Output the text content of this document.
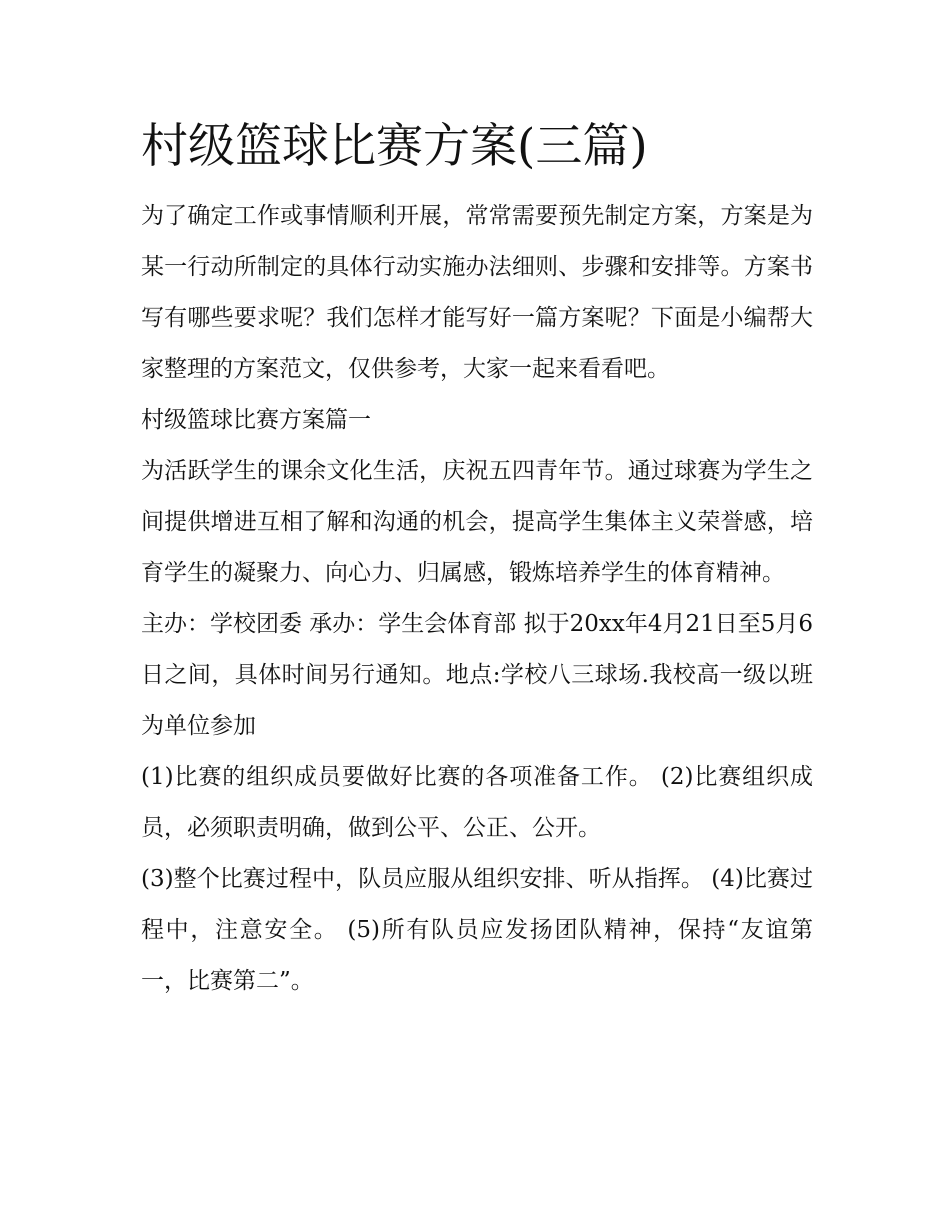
村级篮球比赛方案(三篇)

为了确定工作或事情顺利开展，常常需要预先制定方案，方案是为某一行动所制定的具体行动实施办法细则、步骤和安排等。方案书写有哪些要求呢？我们怎样才能写好一篇方案呢？下面是小编帮大家整理的方案范文，仅供参考，大家一起来看看吧。

村级篮球比赛方案篇一

为活跃学生的课余文化生活，庆祝五四青年节。通过球赛为学生之间提供增进互相了解和沟通的机会，提高学生集体主义荣誉感，培育学生的凝聚力、向心力、归属感，锻炼培养学生的体育精神。

主办：学校团委 承办：学生会体育部 拟于20xx年4月21日至5月6日之间，具体时间另行通知。地点:学校八三球场.我校高一级以班为单位参加

(1)比赛的组织成员要做好比赛的各项准备工作。 (2)比赛组织成员，必须职责明确，做到公平、公正、公开。

(3)整个比赛过程中，队员应服从组织安排、听从指挥。 (4)比赛过程中，注意安全。 (5)所有队员应发扬团队精神，保持“友谊第一，比赛第二”。
